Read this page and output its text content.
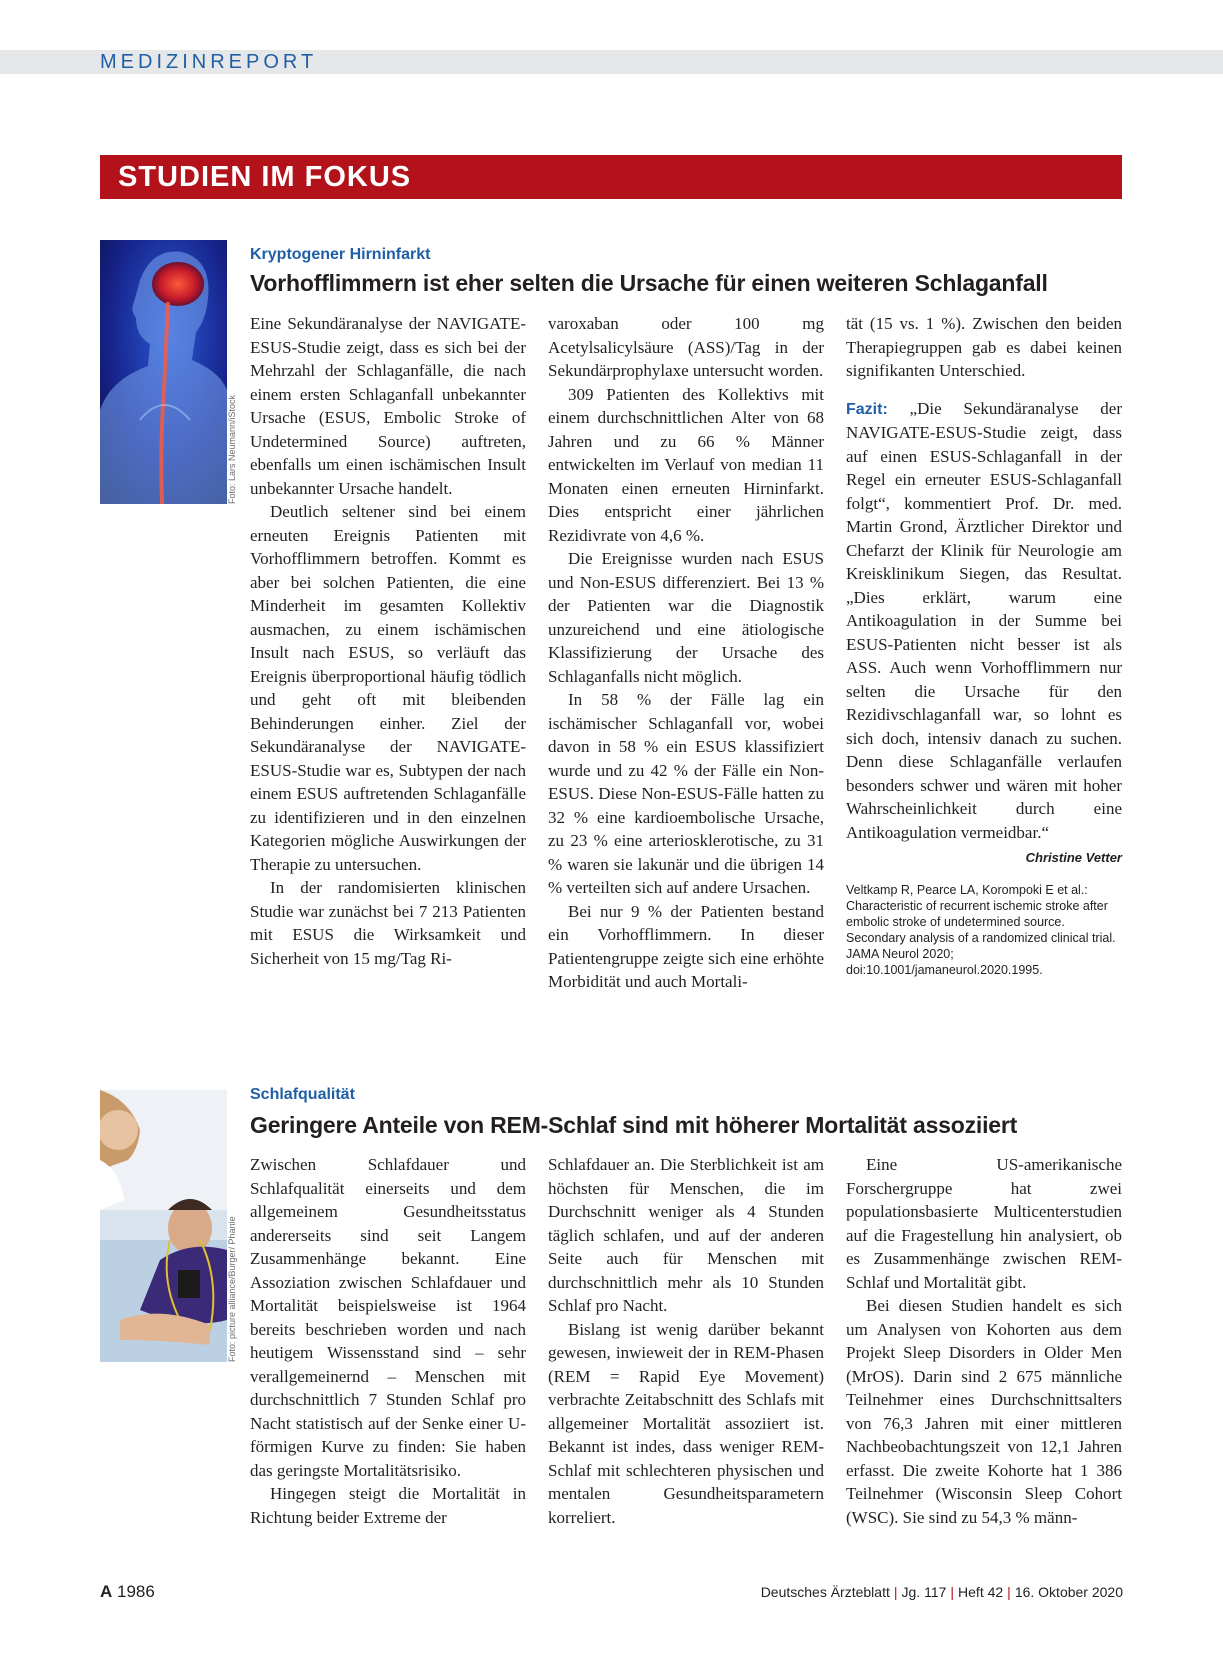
MEDIZINREPORT
STUDIEN IM FOKUS
Foto: Lars Neumann/iStock
Kryptogener Hirninfarkt
Vorhofflimmern ist eher selten die Ursache für einen weiteren Schlaganfall

Eine Sekundäranalyse der NAVIGATE-ESUS-Studie zeigt, dass es sich bei der Mehrzahl der Schlaganfälle, die nach einem ersten Schlaganfall unbekannter Ursache (ESUS, Embolic Stroke of Undetermined Source) auftreten, ebenfalls um einen ischämischen Insult unbekannter Ursache handelt.

Deutlich seltener sind bei einem erneuten Ereignis Patienten mit Vorhofflimmern betroffen. Kommt es aber bei solchen Patienten, die eine Minderheit im gesamten Kollektiv ausmachen, zu einem ischämischen Insult nach ESUS, so verläuft das Ereignis überproportional häufig tödlich und geht oft mit bleibenden Behinderungen einher. Ziel der Sekundäranalyse der NAVIGATE-ESUS-Studie war es, Subtypen der nach einem ESUS auftretenden Schlaganfälle zu identifizieren und in den einzelnen Kategorien mögliche Auswirkungen der Therapie zu untersuchen.

In der randomisierten klinischen Studie war zunächst bei 7 213 Patienten mit ESUS die Wirksamkeit und Sicherheit von 15 mg/Tag Ri-

varoxaban oder 100 mg Acetylsalicylsäure (ASS)/Tag in der Sekundärprophylaxe untersucht worden.

309 Patienten des Kollektivs mit einem durchschnittlichen Alter von 68 Jahren und zu 66 % Männer entwickelten im Verlauf von median 11 Monaten einen erneuten Hirninfarkt. Dies entspricht einer jährlichen Rezidivrate von 4,6 %.

Die Ereignisse wurden nach ESUS und Non-ESUS differenziert. Bei 13 % der Patienten war die Diagnostik unzureichend und eine ätiologische Klassifizierung der Ursache des Schlaganfalls nicht möglich.

In 58 % der Fälle lag ein ischämischer Schlaganfall vor, wobei davon in 58 % ein ESUS klassifiziert wurde und zu 42 % der Fälle ein Non-ESUS. Diese Non-ESUS-Fälle hatten zu 32 % eine kardioembolische Ursache, zu 23 % eine arteriosklerotische, zu 31 % waren sie lakunär und die übrigen 14 % verteilten sich auf andere Ursachen.

Bei nur 9 % der Patienten bestand ein Vorhofflimmern. In dieser Patientengruppe zeigte sich eine erhöhte Morbidität und auch Mortali-

tät (15 vs. 1 %). Zwischen den beiden Therapiegruppen gab es dabei keinen signifikanten Unterschied.

Fazit: „Die Sekundäranalyse der NAVIGATE-ESUS-Studie zeigt, dass auf einen ESUS-Schlaganfall in der Regel ein erneuter ESUS-Schlaganfall folgt“, kommentiert Prof. Dr. med. Martin Grond, Ärztlicher Direktor und Chefarzt der Klinik für Neurologie am Kreisklinikum Siegen, das Resultat. „Dies erklärt, warum eine Antikoagulation in der Summe bei ESUS-Patienten nicht besser ist als ASS. Auch wenn Vorhofflimmern nur selten die Ursache für den Rezidivschlaganfall war, so lohnt es sich doch, intensiv danach zu suchen. Denn diese Schlaganfälle verlaufen besonders schwer und wären mit hoher Wahrscheinlichkeit durch eine Antikoagulation vermeidbar.“

Christine Vetter
Veltkamp R, Pearce LA, Korompoki E et al.: Characteristic of recurrent ischemic stroke after embolic stroke of undetermined source. Secondary analysis of a randomized clinical trial. JAMA Neurol 2020; doi:10.1001/jamaneurol.2020.1995.
Foto: picture alliance/Burger/ Phanie
Schlafqualität
Geringere Anteile von REM-Schlaf sind mit höherer Mortalität assoziiert

Zwischen Schlafdauer und Schlafqualität einerseits und dem allgemeinem Gesundheitsstatus andererseits sind seit Langem Zusammenhänge bekannt. Eine Assoziation zwischen Schlafdauer und Mortalität beispielsweise ist 1964 bereits beschrieben worden und nach heutigem Wissensstand sind – sehr verallgemeinernd – Menschen mit durchschnittlich 7 Stunden Schlaf pro Nacht statistisch auf der Senke einer U-förmigen Kurve zu finden: Sie haben das geringste Mortalitätsrisiko.

Hingegen steigt die Mortalität in Richtung beider Extreme der

Schlafdauer an. Die Sterblichkeit ist am höchsten für Menschen, die im Durchschnitt weniger als 4 Stunden täglich schlafen, und auf der anderen Seite auch für Menschen mit durchschnittlich mehr als 10 Stunden Schlaf pro Nacht.

Bislang ist wenig darüber bekannt gewesen, inwieweit der in REM-Phasen (REM = Rapid Eye Movement) verbrachte Zeitabschnitt des Schlafs mit allgemeiner Mortalität assoziiert ist. Bekannt ist indes, dass weniger REM-Schlaf mit schlechteren physischen und mentalen Gesundheitsparametern korreliert.

Eine US-amerikanische Forschergruppe hat zwei populationsbasierte Multicenterstudien auf die Fragestellung hin analysiert, ob es Zusammenhänge zwischen REM-Schlaf und Mortalität gibt.

Bei diesen Studien handelt es sich um Analysen von Kohorten aus dem Projekt Sleep Disorders in Older Men (MrOS). Darin sind 2 675 männliche Teilnehmer eines Durchschnittsalters von 76,3 Jahren mit einer mittleren Nachbeobachtungszeit von 12,1 Jahren erfasst. Die zweite Kohorte hat 1 386 Teilnehmer (Wisconsin Sleep Cohort (WSC). Sie sind zu 54,3 % männ-

A 1986	Deutsches Ärzteblatt | Jg. 117 | Heft 42 | 16. Oktober 2020
